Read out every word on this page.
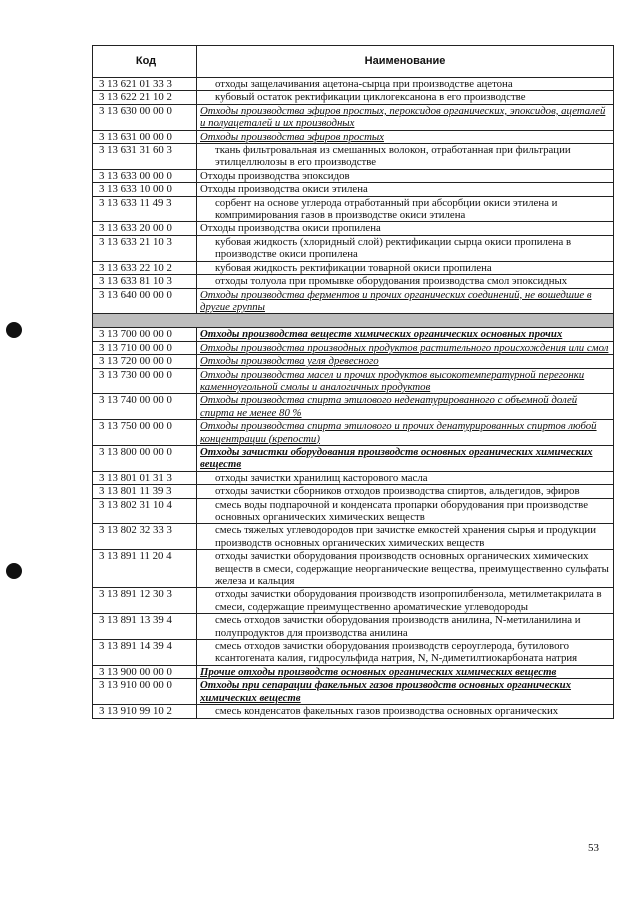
Код	Наименование
3 13 621 01 33 3	отходы защелачивания ацетона-сырца при производстве ацетона
3 13 622 21 10 2	кубовый остаток ректификации циклогексанона в его производстве
3 13 630 00 00 0	Отходы производства эфиров простых, пероксидов органических, эпоксидов, ацеталей и полуацеталей и их производных
3 13 631 00 00 0	Отходы производства эфиров простых
3 13 631 31 60 3	ткань фильтровальная из смешанных волокон, отработанная при фильтрации этилцеллюлозы в его производстве
3 13 633 00 00 0	Отходы производства эпоксидов
3 13 633 10 00 0	Отходы производства окиси этилена
3 13 633 11 49 3	сорбент на основе углерода отработанный при абсорбции окиси этилена и компримирования газов в производстве окиси этилена
3 13 633 20 00 0	Отходы производства окиси пропилена
3 13 633 21 10 3	кубовая жидкость (хлоридный слой) ректификации сырца окиси пропилена в производстве окиси пропилена
3 13 633 22 10 2	кубовая жидкость ректификации товарной окиси пропилена
3 13 633 81 10 3	отходы толуола при промывке оборудования производства смол эпоксидных
3 13 640 00 00 0	Отходы производства ферментов и прочих органических соединений, не вошедшие в другие группы

3 13 700 00 00 0	Отходы производства веществ химических органических основных прочих
3 13 710 00 00 0	Отходы производства производных продуктов растительного происхождения или смол
3 13 720 00 00 0	Отходы производства угля древесного
3 13 730 00 00 0	Отходы производства масел и прочих продуктов высокотемпературной перегонки каменноугольной смолы и аналогичных продуктов
3 13 740 00 00 0	Отходы производства спирта этилового неденатурированного с объемной долей спирта не менее 80 %
3 13 750 00 00 0	Отходы производства спирта этилового и прочих денатурированных спиртов любой концентрации (крепости)
3 13 800 00 00 0	Отходы зачистки оборудования производств основных органических химических веществ
3 13 801 01 31 3	отходы зачистки хранилищ касторового масла
3 13 801 11 39 3	отходы зачистки сборников отходов производства спиртов, альдегидов, эфиров
3 13 802 31 10 4	смесь воды подпарочной и конденсата пропарки оборудования при производстве основных органических химических веществ
3 13 802 32 33 3	смесь тяжелых углеводородов при зачистке емкостей хранения сырья и продукции производств основных органических химических веществ
3 13 891 11 20 4	отходы зачистки оборудования производств основных органических химических веществ в смеси, содержащие неорганические вещества, преимущественно сульфаты железа и кальция
3 13 891 12 30 3	отходы зачистки оборудования производств изопропилбензола, метилметакрилата в смеси, содержащие преимущественно ароматические углеводороды
3 13 891 13 39 4	смесь отходов зачистки оборудования производств анилина, N-метиланилина и полупродуктов для производства анилина
3 13 891 14 39 4	смесь отходов зачистки оборудования производств сероуглерода, бутилового ксантогената калия, гидросульфида натрия, N, N-диметилтиокарбоната натрия
3 13 900 00 00 0	Прочие отходы производств основных органических химических веществ
3 13 910 00 00 0	Отходы при сепарации факельных газов производств основных органических химических веществ
3 13 910 99 10 2	смесь конденсатов факельных газов производства основных органических
53
